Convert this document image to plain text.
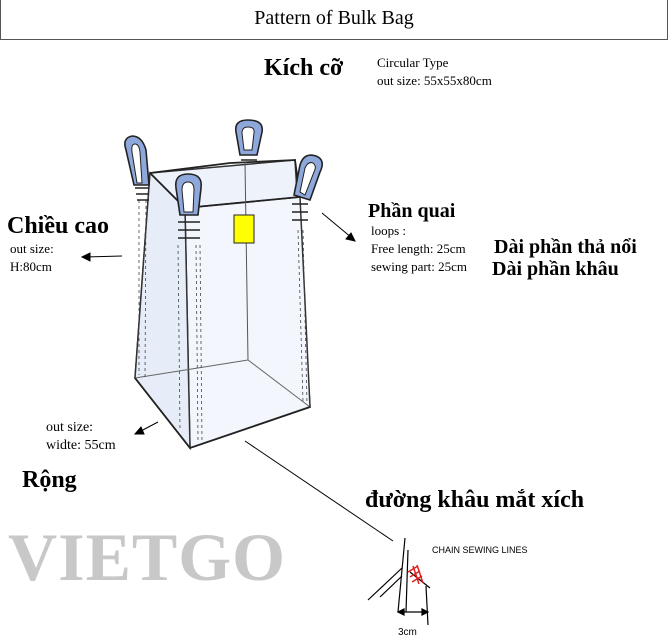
Pattern of Bulk Bag
Kích cỡ	Circular Type
out size: 55x55x80cm
Chiều cao
out size:
H:80cm
Phần quai
loops :
Free length: 25cm
sewing part: 25cm
Dài phần thả nổi
Dài phần khâu
out size:
widte: 55cm
Rộng
đường khâu mắt xích
CHAIN SEWING LINES
3cm
VIETGO
